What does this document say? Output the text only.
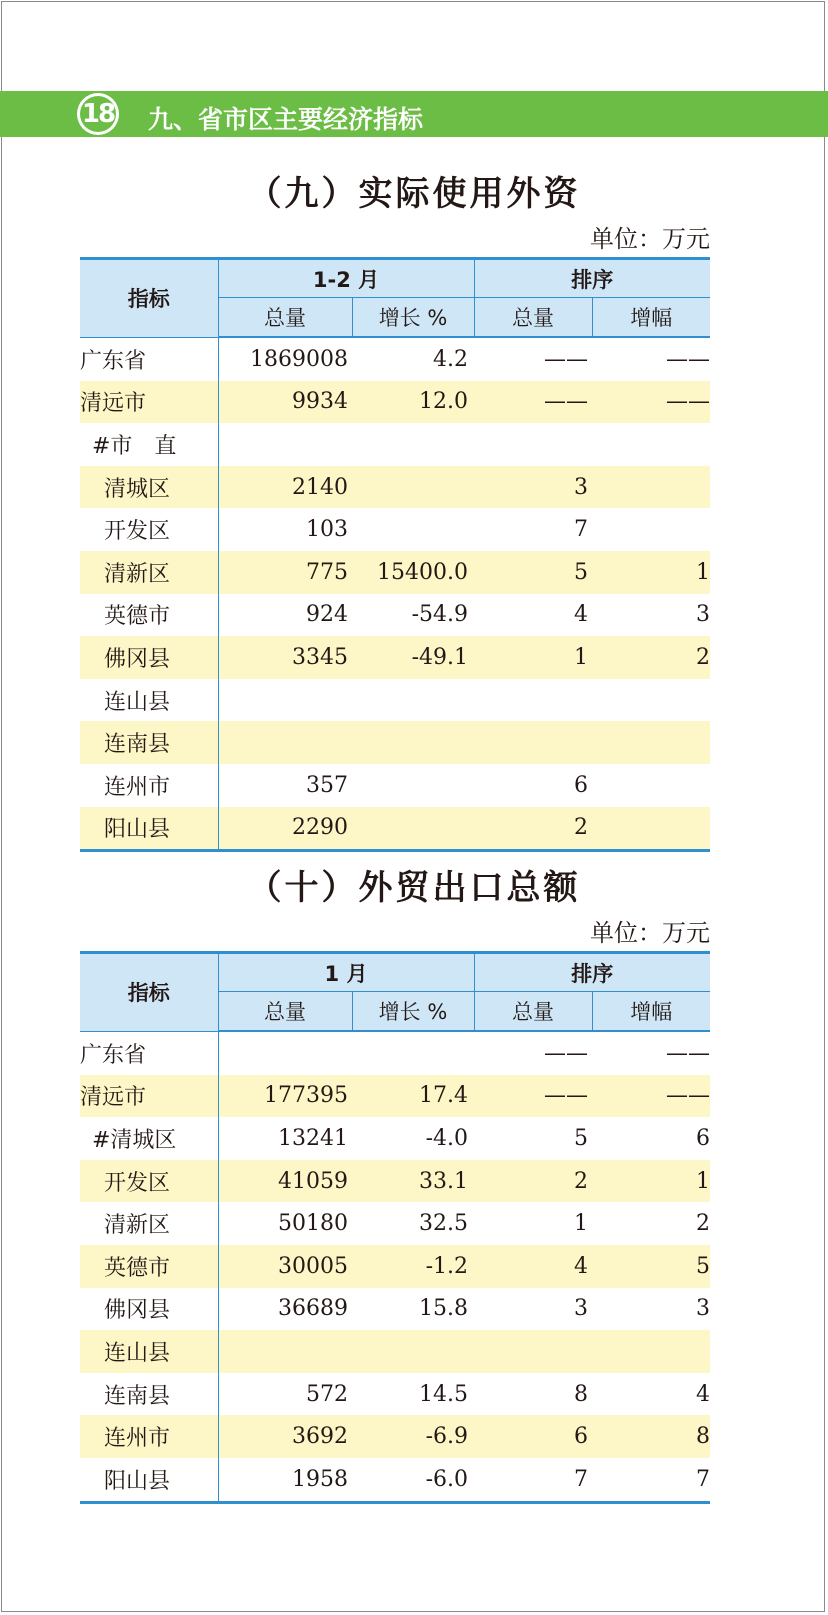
18 九、省市区主要经济指标
（九）实际使用外资
单位：万元
指标	1-2 月		排序	
	总量	增长 %	总量	增幅
广东省	1869008	4.2	——	——
清远市	9934	12.0	——	——
#市　直				
清城区	2140		3	
开发区	103		7	
清新区	775	15400.0	5	1
英德市	924	-54.9	4	3
佛冈县	3345	-49.1	1	2
连山县				
连南县				
连州市	357		6	
阳山县	2290		2	
（十）外贸出口总额
单位：万元
指标	1 月		排序	
	总量	增长 %	总量	增幅
广东省			——	——
清远市	177395	17.4	——	——
#清城区	13241	-4.0	5	6
开发区	41059	33.1	2	1
清新区	50180	32.5	1	2
英德市	30005	-1.2	4	5
佛冈县	36689	15.8	3	3
连山县				
连南县	572	14.5	8	4
连州市	3692	-6.9	6	8
阳山县	1958	-6.0	7	7
